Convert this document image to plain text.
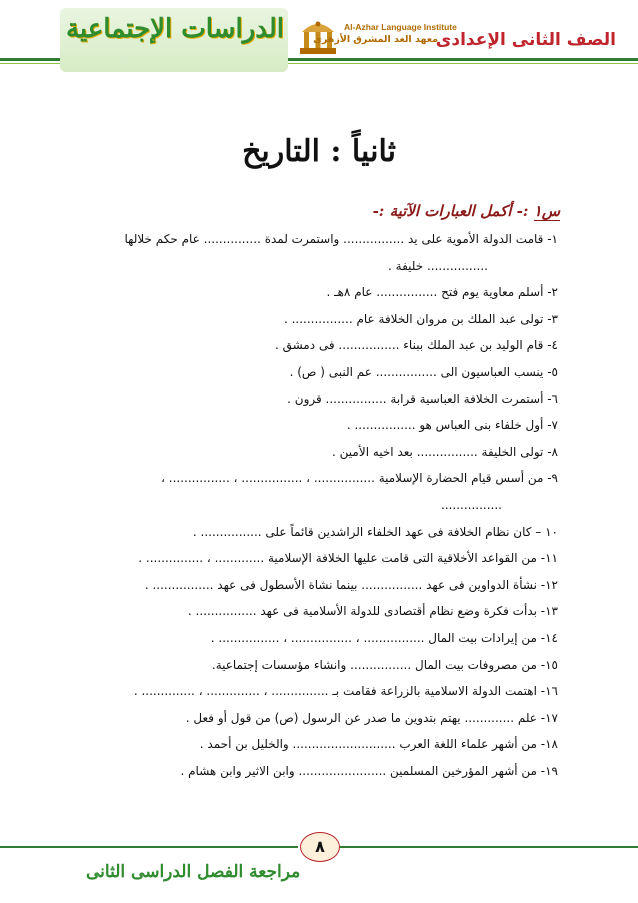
الدراسات الإجتماعية	Al-Azhar Language Institute
معهد الغد المشرق الأزهرى
الصف الثانى الإعدادى
ثانياً : التاريخ
س١ :- أكمل العبارات الآتية :-
١- قامت الدولة الأموية على يد ................ واستمرت لمدة ............... عام حكم خلالها
................ خليفة .
٢- أسلم معاوية يوم فتح ................ عام ٨هـ .
٣- تولى عبد الملك بن مروان الخلافة عام ................ .
٤- قام الوليد بن عبد الملك ببناء ................ فى دمشق .
٥- ينسب العباسيون الى ................ عم النبى ( ص) .
٦- أستمرت الخلافة العباسية قرابة ................ قرون .
٧- أول خلفاء بنى العباس هو ................ .
٨- تولى الخليفة ................ بعد اخيه الأمين .
٩- من أسس قيام الحضارة الإسلامية ................ ، ................ ، ................ ،
................
١٠ – كان نظام الخلافة فى عهد الخلفاء الراشدين قائماً على ................ .
١١- من القواعد الأخلاقية التى قامت عليها الخلافة الإسلامية ............. ، ............... .
١٢- نشأة الدواوين فى عهد ................ بينما نشاة الأسطول فى عهد ................ .
١٣- بدأت فكرة وضع نظام أقتصادى للدولة الأسلامية فى عهد ................ .
١٤- من إيرادات بيت المال ................ ، ................ ، ................ .
١٥- من مصروفات بيت المال ................ وانشاء مؤسسات إجتماعية.
١٦- اهتمت الدولة الاسلامية بالزراعة فقامت بـ ............... ، .............. ، .............. .
١٧- علم ............. يهتم بتدوين ما صدر عن الرسول (ص) من قول أو فعل .
١٨- من أشهر علماء اللغة العرب ........................... والخليل بن أحمد .
١٩- من أشهر المؤرخين المسلمين ....................... وابن الاثير وابن هشام .
٨
مراجعة الفصل الدراسى الثانى
